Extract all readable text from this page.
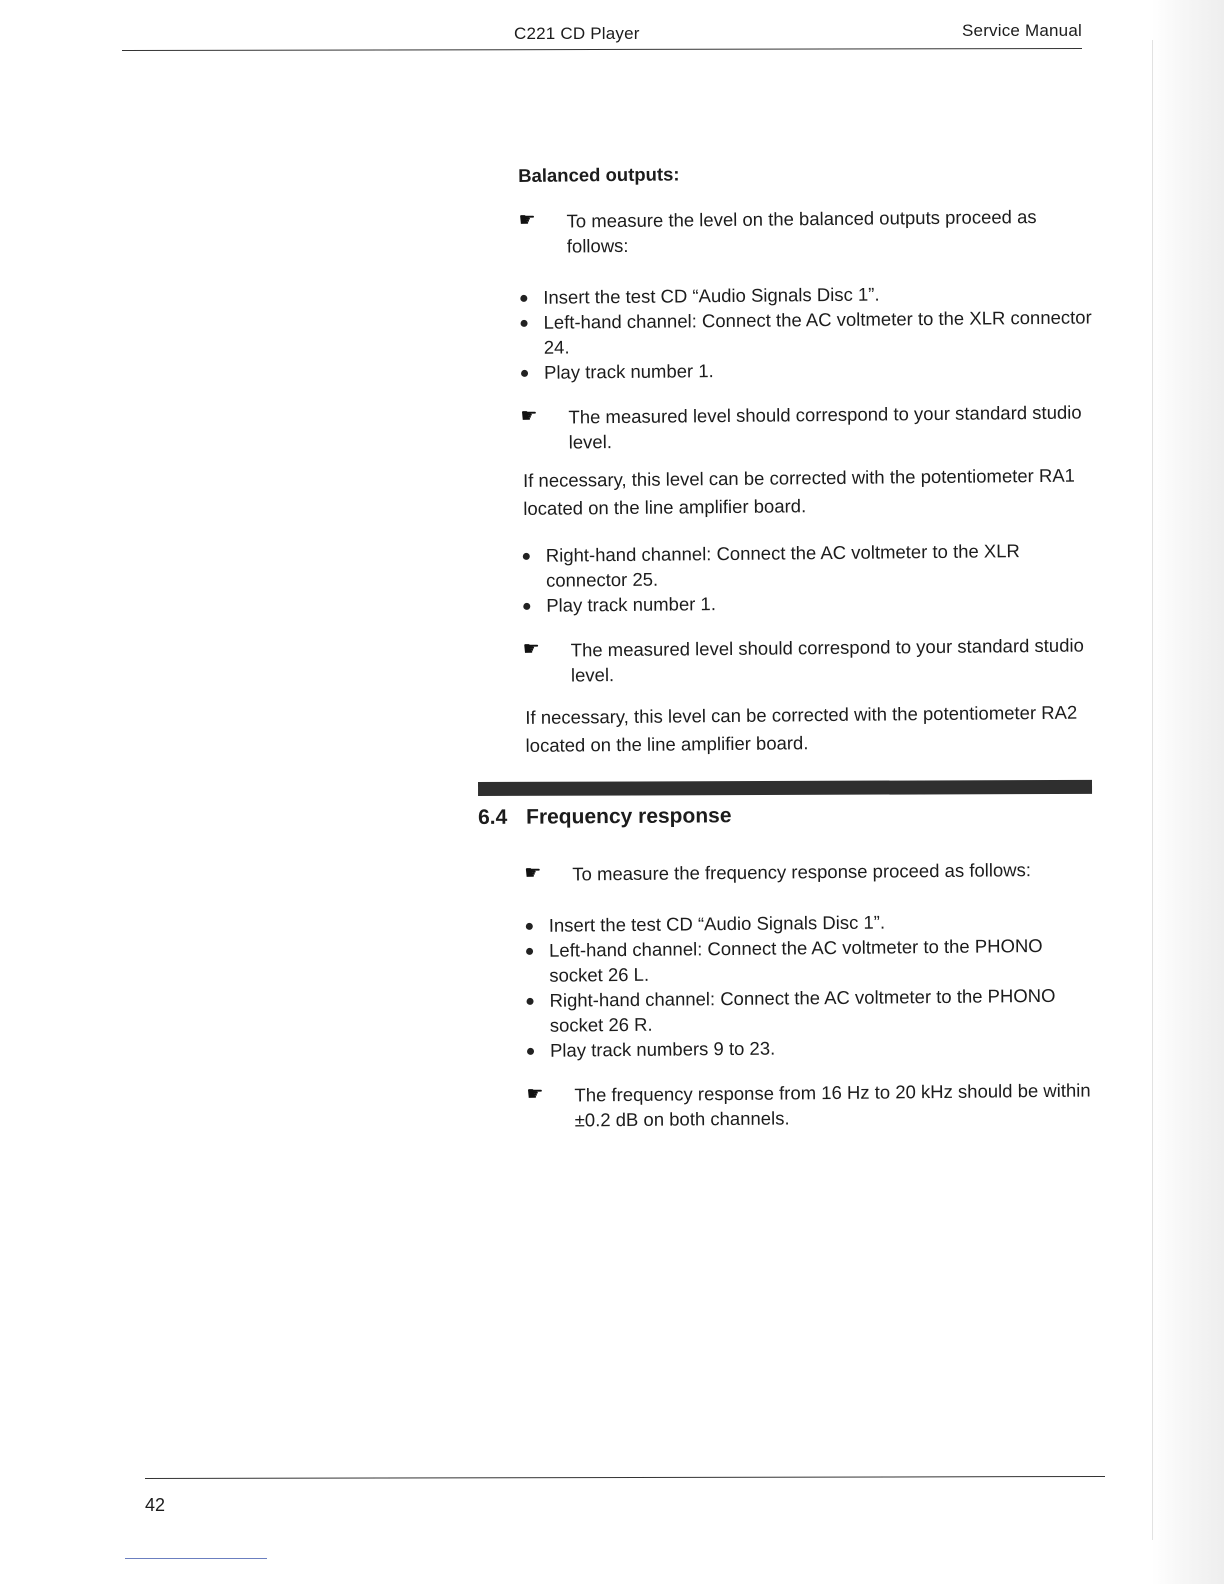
C221 CD Player	Service Manual
Balanced outputs:
☛ To measure the level on the balanced outputs proceed as follows:
Insert the test CD “Audio Signals Disc 1”.
Left-hand channel: Connect the AC voltmeter to the XLR connector 24.
Play track number 1.
☛ The measured level should correspond to your standard studio level.
If necessary, this level can be corrected with the potentiometer RA1 located on the line amplifier board.
Right-hand channel: Connect the AC voltmeter to the XLR connector 25.
Play track number 1.
☛ The measured level should correspond to your standard studio level.
If necessary, this level can be corrected with the potentiometer RA2 located on the line amplifier board.
6.4 Frequency response
☛ To measure the frequency response proceed as follows:
Insert the test CD “Audio Signals Disc 1”.
Left-hand channel: Connect the AC voltmeter to the PHONO socket 26 L.
Right-hand channel: Connect the AC voltmeter to the PHONO socket 26 R.
Play track numbers 9 to 23.
☛ The frequency response from 16 Hz to 20 kHz should be within ±0.2 dB on both channels.
42
